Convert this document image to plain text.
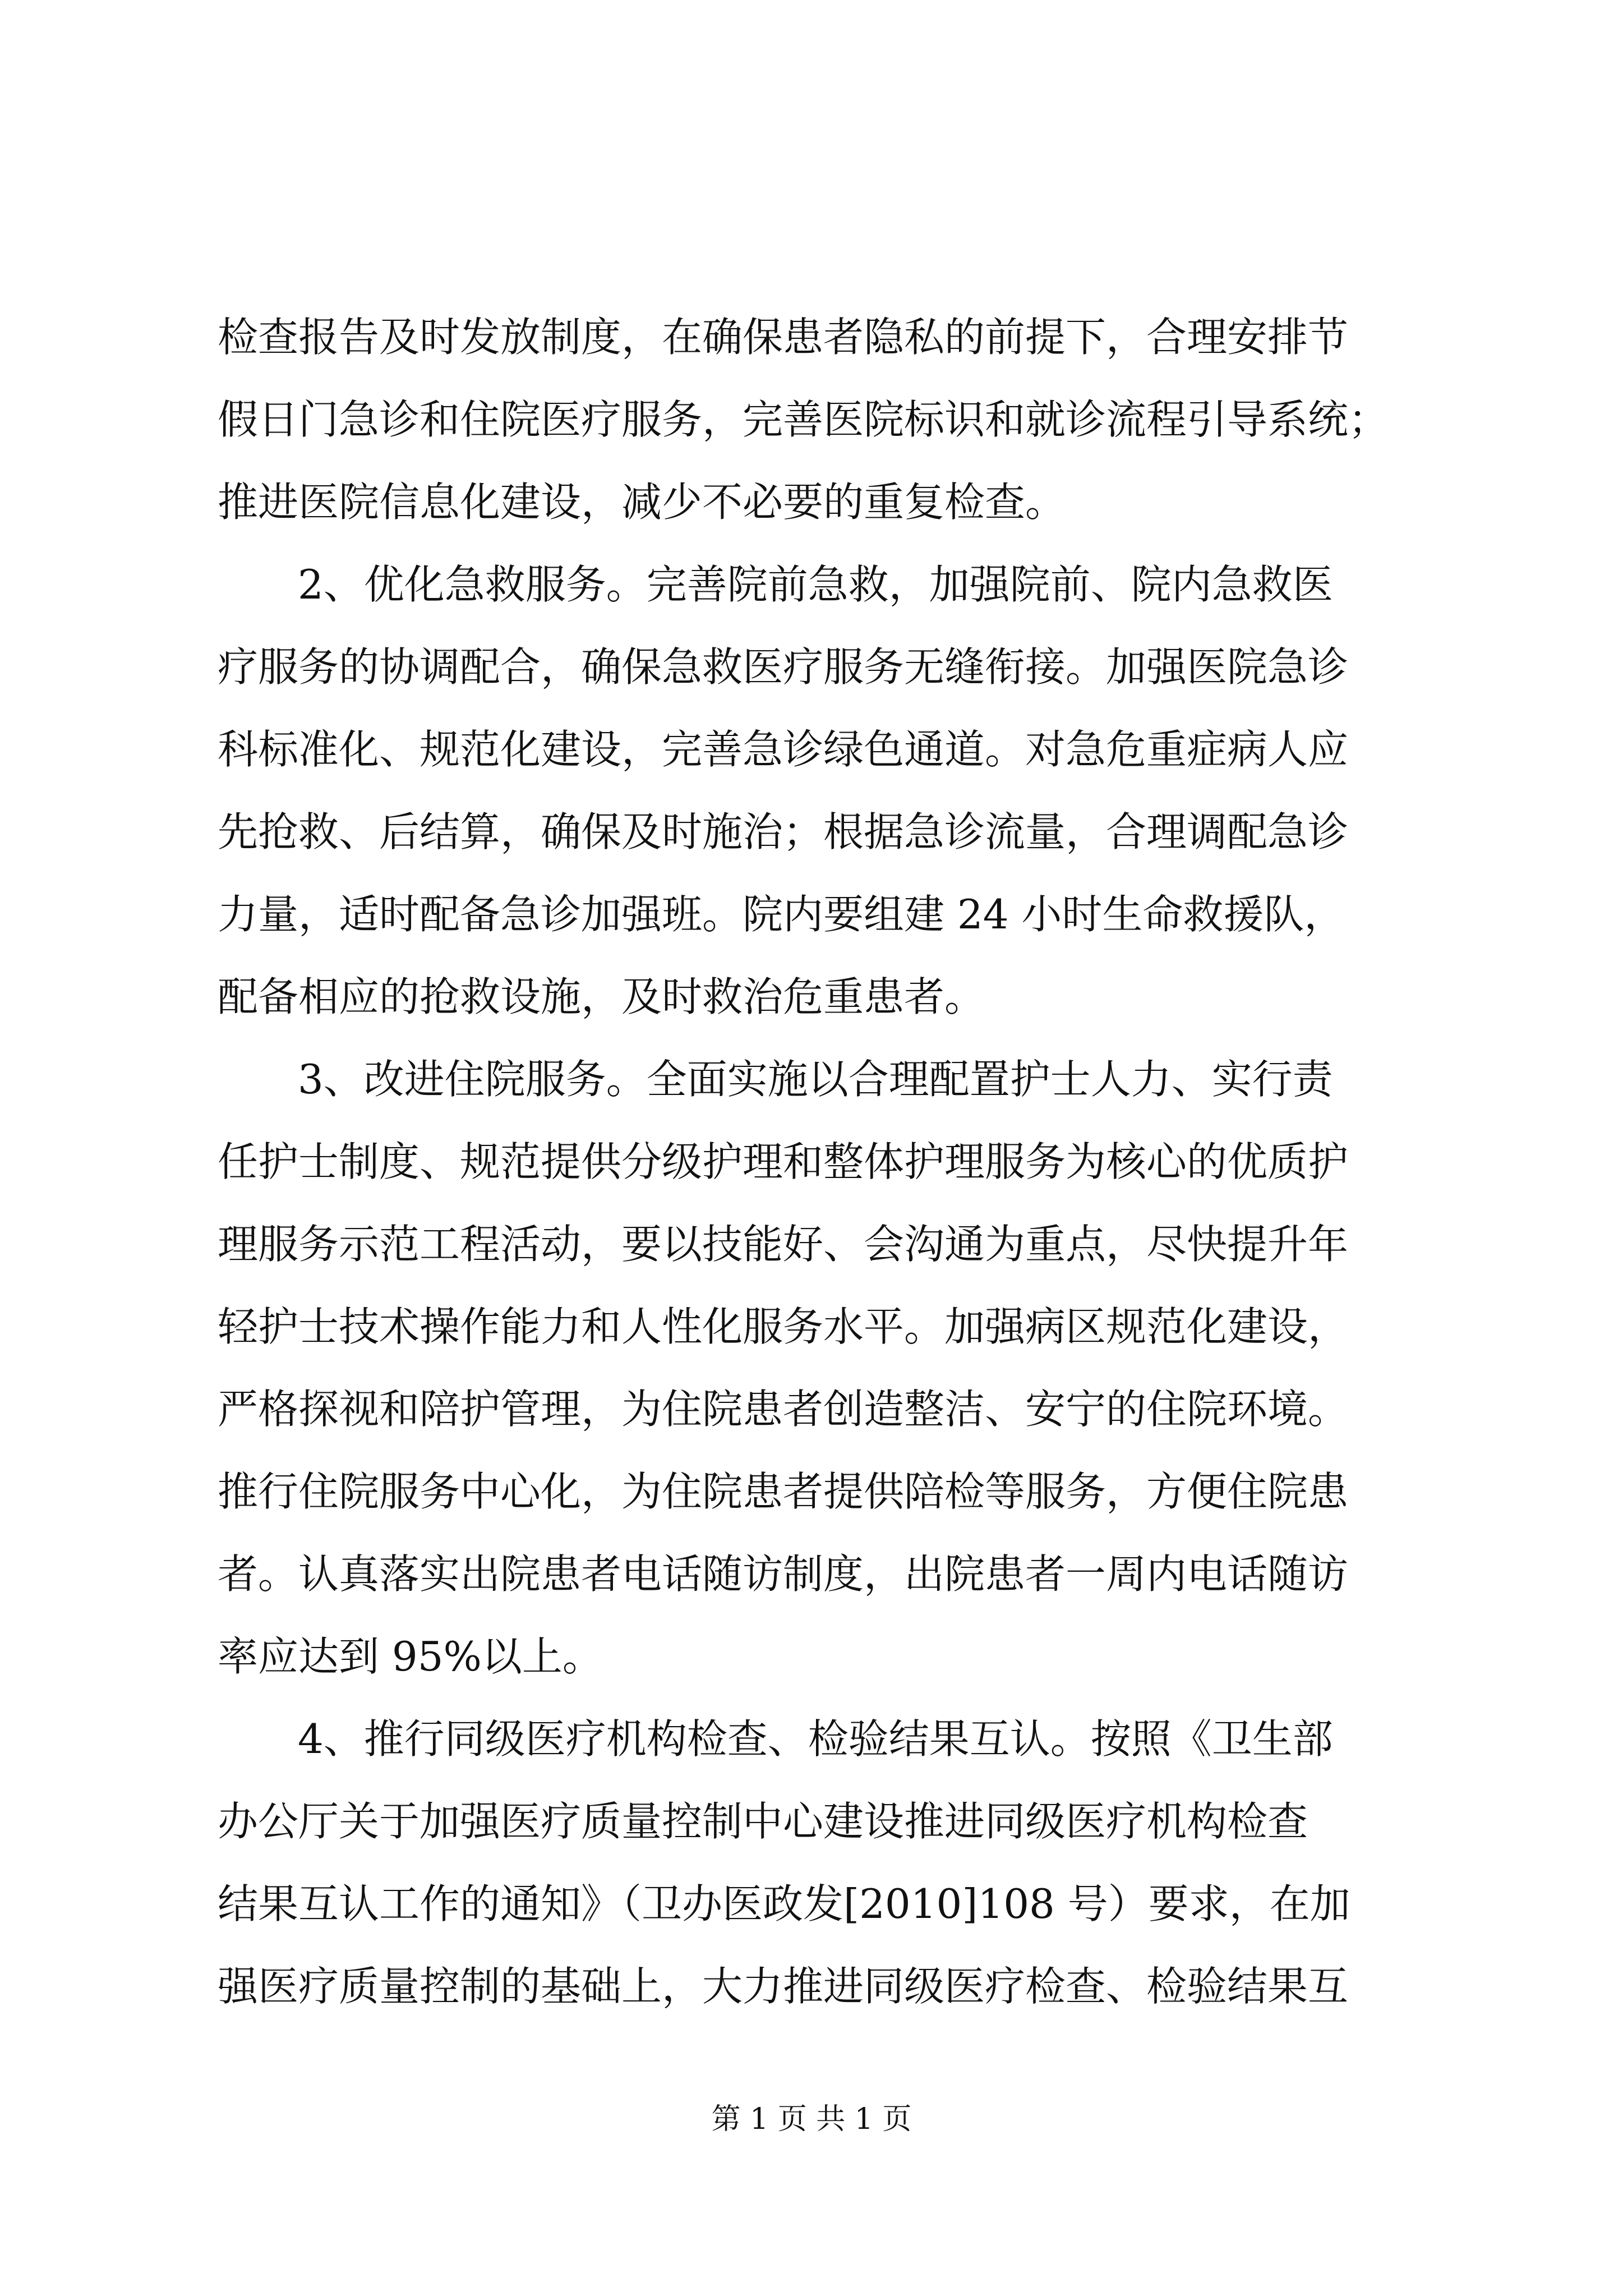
检查报告及时发放制度，在确保患者隐私的前提下，合理安排节
假日门急诊和住院医疗服务，完善医院标识和就诊流程引导系统；
推进医院信息化建设，减少不必要的重复检查。
2、优化急救服务。完善院前急救，加强院前、院内急救医
疗服务的协调配合，确保急救医疗服务无缝衔接。加强医院急诊
科标准化、规范化建设，完善急诊绿色通道。对急危重症病人应
先抢救、后结算，确保及时施治；根据急诊流量，合理调配急诊
力量，适时配备急诊加强班。院内要组建 24 小时生命救援队，
配备相应的抢救设施，及时救治危重患者。
3、改进住院服务。全面实施以合理配置护士人力、实行责
任护士制度、规范提供分级护理和整体护理服务为核心的优质护
理服务示范工程活动，要以技能好、会沟通为重点，尽快提升年
轻护士技术操作能力和人性化服务水平。加强病区规范化建设，
严格探视和陪护管理，为住院患者创造整洁、安宁的住院环境。
推行住院服务中心化，为住院患者提供陪检等服务，方便住院患
者。认真落实出院患者电话随访制度，出院患者一周内电话随访
率应达到 95%以上。
4、推行同级医疗机构检查、检验结果互认。按照《卫生部
办公厅关于加强医疗质量控制中心建设推进同级医疗机构检查
结果互认工作的通知》（卫办医政发[2010]108 号）要求，在加
强医疗质量控制的基础上，大力推进同级医疗检查、检验结果互
第 1 页 共 1 页
